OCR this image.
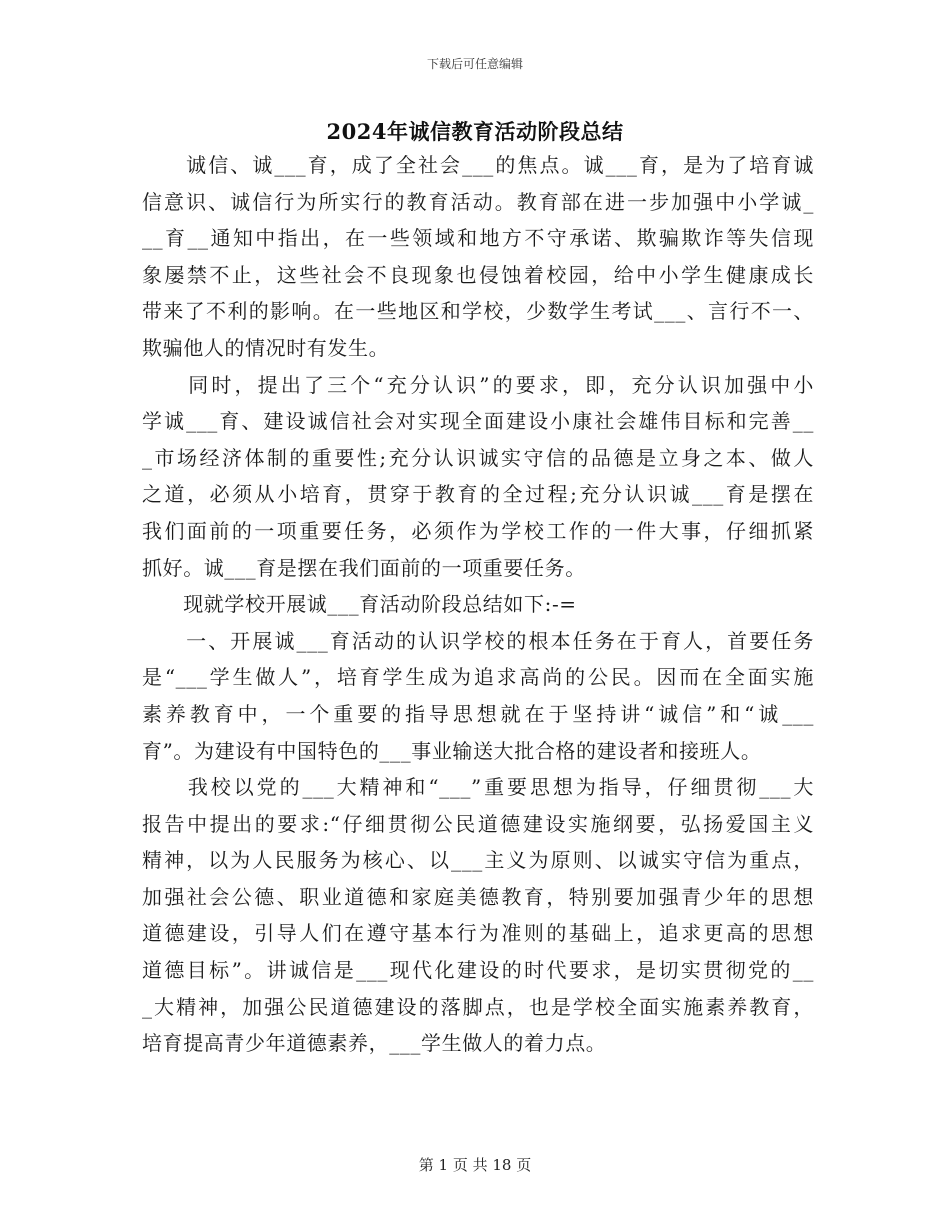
下载后可任意编辑
2024年诚信教育活动阶段总结
　　诚信、诚___育，成了全社会___的焦点。诚___育，是为了培育诚
信意识、诚信行为所实行的教育活动。教育部在进一步加强中小学诚_
__育__通知中指出，在一些领域和地方不守承诺、欺骗欺诈等失信现
象屡禁不止，这些社会不良现象也侵蚀着校园，给中小学生健康成长
带来了不利的影响。在一些地区和学校，少数学生考试___、言行不一、
欺骗他人的情况时有发生。
　　同时，提出了三个“充分认识”的要求，即，充分认识加强中小
学诚___育、建设诚信社会对实现全面建设小康社会雄伟目标和完善__
_市场经济体制的重要性;充分认识诚实守信的品德是立身之本、做人
之道，必须从小培育，贯穿于教育的全过程;充分认识诚___育是摆在
我们面前的一项重要任务，必须作为学校工作的一件大事，仔细抓紧
抓好。诚___育是摆在我们面前的一项重要任务。
　　现就学校开展诚___育活动阶段总结如下:-=
　　一、开展诚___育活动的认识学校的根本任务在于育人，首要任务
是“___学生做人”，培育学生成为追求高尚的公民。因而在全面实施
素养教育中，一个重要的指导思想就在于坚持讲“诚信”和“诚___
育”。为建设有中国特色的___事业输送大批合格的建设者和接班人。
　　我校以党的___大精神和“___”重要思想为指导，仔细贯彻___大
报告中提出的要求:“仔细贯彻公民道德建设实施纲要，弘扬爱国主义
精神，以为人民服务为核心、以___主义为原则、以诚实守信为重点，
加强社会公德、职业道德和家庭美德教育，特别要加强青少年的思想
道德建设，引导人们在遵守基本行为准则的基础上，追求更高的思想
道德目标”。讲诚信是___现代化建设的时代要求，是切实贯彻党的__
_大精神，加强公民道德建设的落脚点，也是学校全面实施素养教育，
培育提高青少年道德素养，___学生做人的着力点。
第 1 页 共 18 页
